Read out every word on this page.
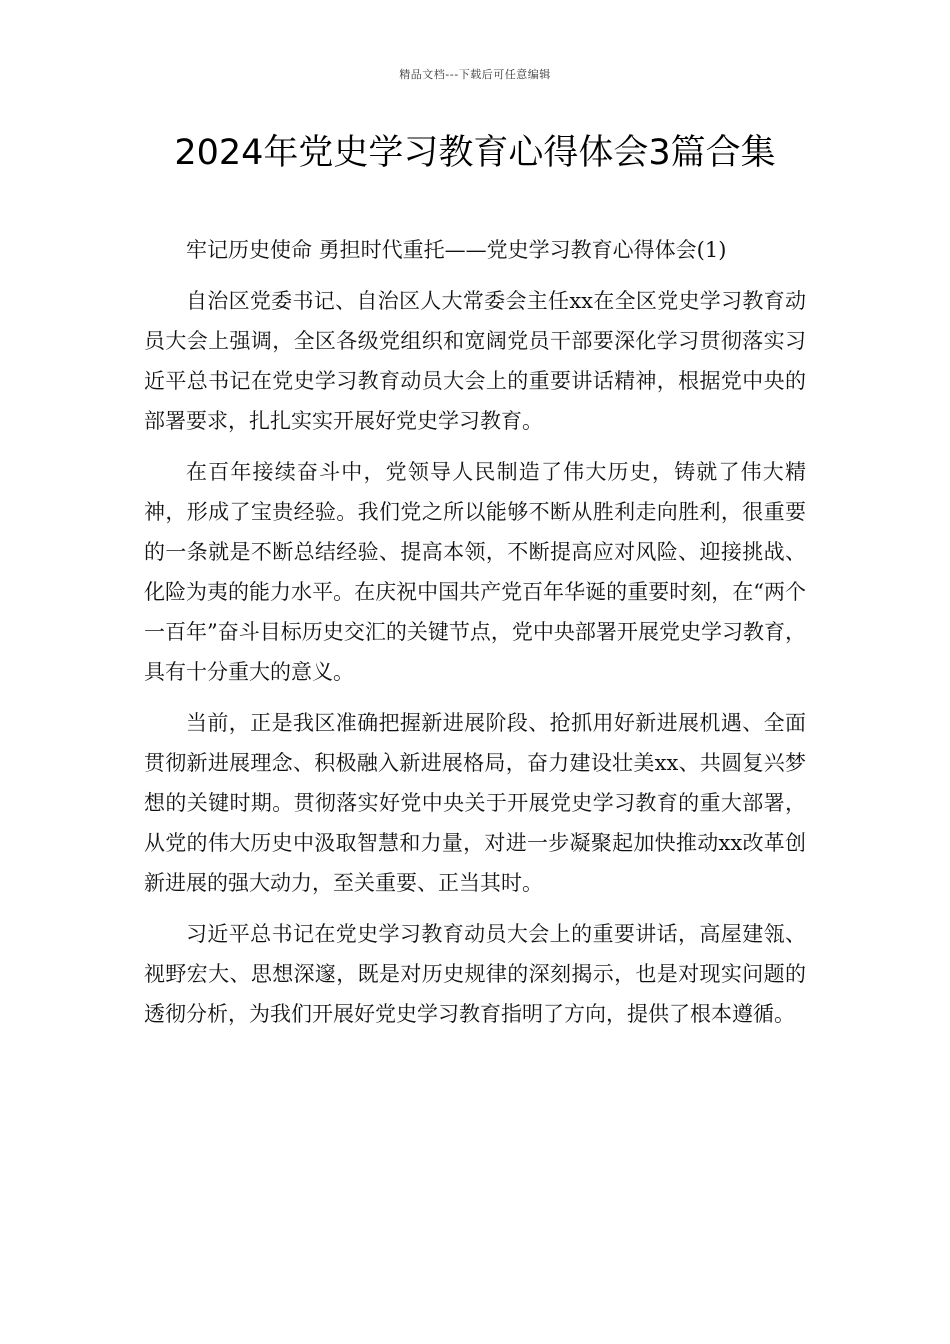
精品文档---下载后可任意编辑
2024年党史学习教育心得体会3篇合集

牢记历史使命 勇担时代重托——党史学习教育心得体会(1)

自治区党委书记、自治区人大常委会主任xx在全区党史学习教育动员大会上强调，全区各级党组织和宽阔党员干部要深化学习贯彻落实习近平总书记在党史学习教育动员大会上的重要讲话精神，根据党中央的部署要求，扎扎实实开展好党史学习教育。

在百年接续奋斗中，党领导人民制造了伟大历史，铸就了伟大精神，形成了宝贵经验。我们党之所以能够不断从胜利走向胜利，很重要的一条就是不断总结经验、提高本领，不断提高应对风险、迎接挑战、化险为夷的能力水平。在庆祝中国共产党百年华诞的重要时刻，在“两个一百年”奋斗目标历史交汇的关键节点，党中央部署开展党史学习教育，具有十分重大的意义。

当前，正是我区准确把握新进展阶段、抢抓用好新进展机遇、全面贯彻新进展理念、积极融入新进展格局，奋力建设壮美xx、共圆复兴梦想的关键时期。贯彻落实好党中央关于开展党史学习教育的重大部署，从党的伟大历史中汲取智慧和力量，对进一步凝聚起加快推动xx改革创新进展的强大动力，至关重要、正当其时。

习近平总书记在党史学习教育动员大会上的重要讲话，高屋建瓴、视野宏大、思想深邃，既是对历史规律的深刻揭示，也是对现实问题的透彻分析，为我们开展好党史学习教育指明了方向，提供了根本遵循。
